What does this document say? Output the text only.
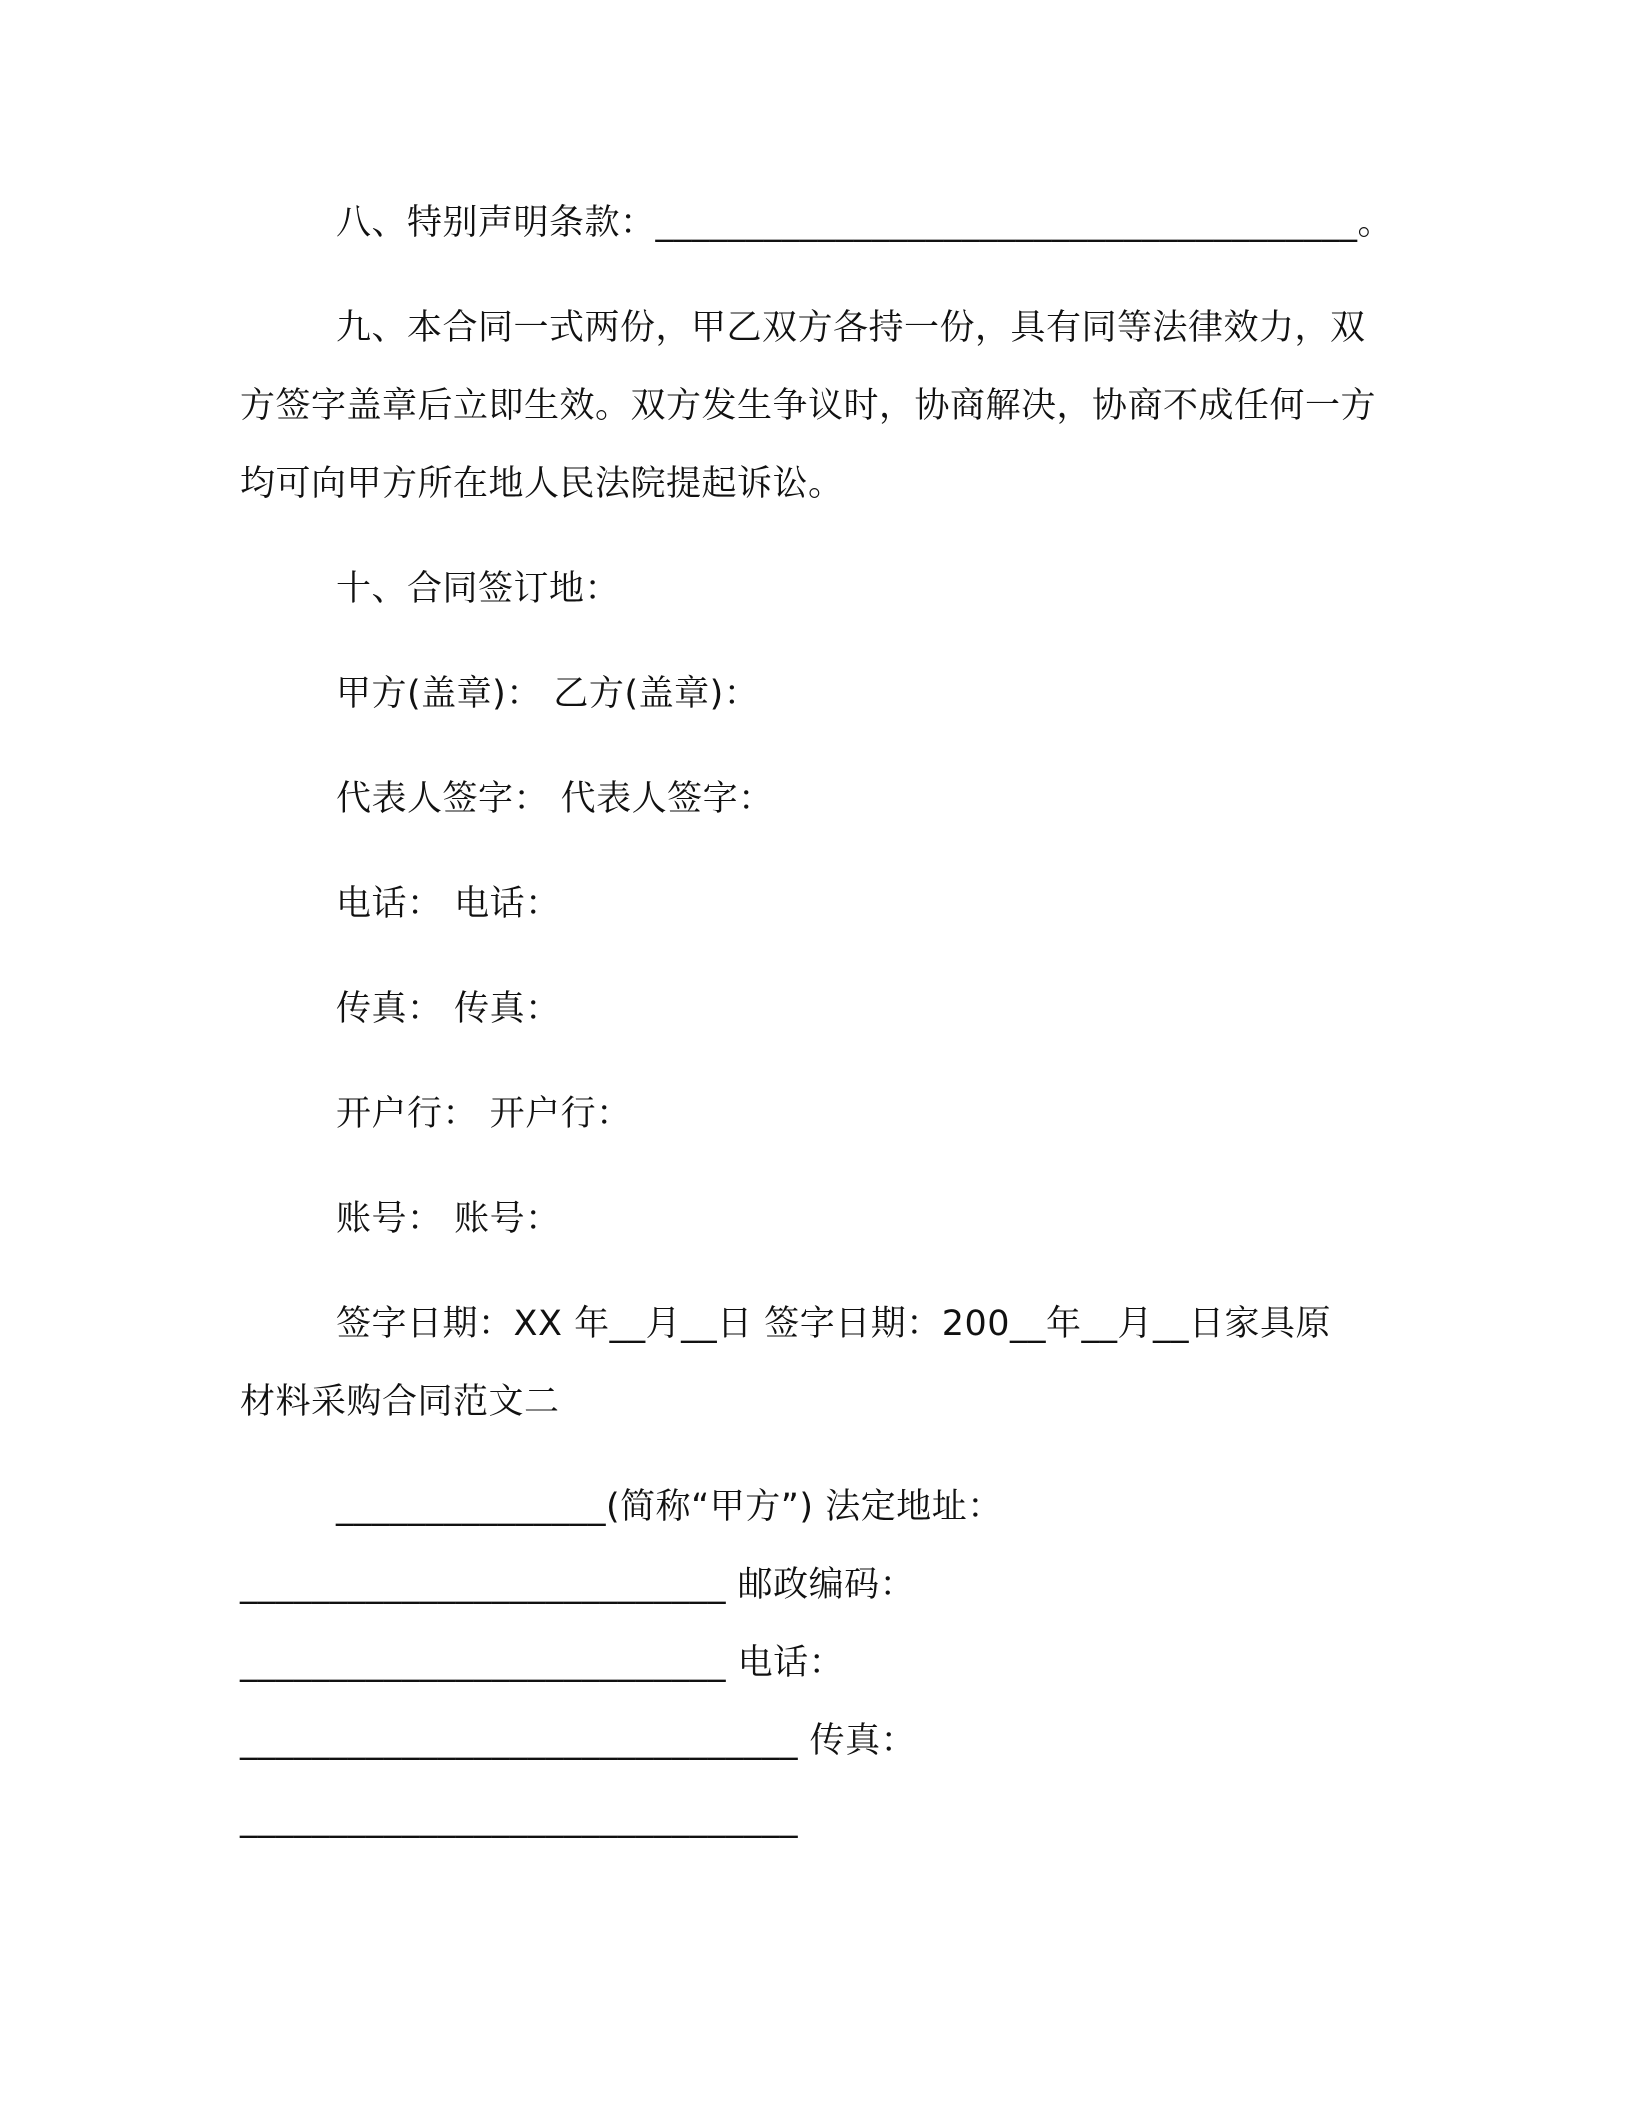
八、特别声明条款：_______________________________________。

九、本合同一式两份，甲乙双方各持一份，具有同等法律效力，双方签字盖章后立即生效。双方发生争议时，协商解决，协商不成任何一方均可向甲方所在地人民法院提起诉讼。

十、合同签订地：

甲方(盖章)： 乙方(盖章)：

代表人签字： 代表人签字：

电话： 电话：

传真： 传真：

开户行： 开户行：

账号： 账号：

签字日期：XX 年__月__日 签字日期：200__年__月__日家具原
材料采购合同范文二
_______________(简称“甲方”) 法定地址：
___________________________ 邮政编码：
___________________________ 电话：
_______________________________ 传真：
_______________________________
